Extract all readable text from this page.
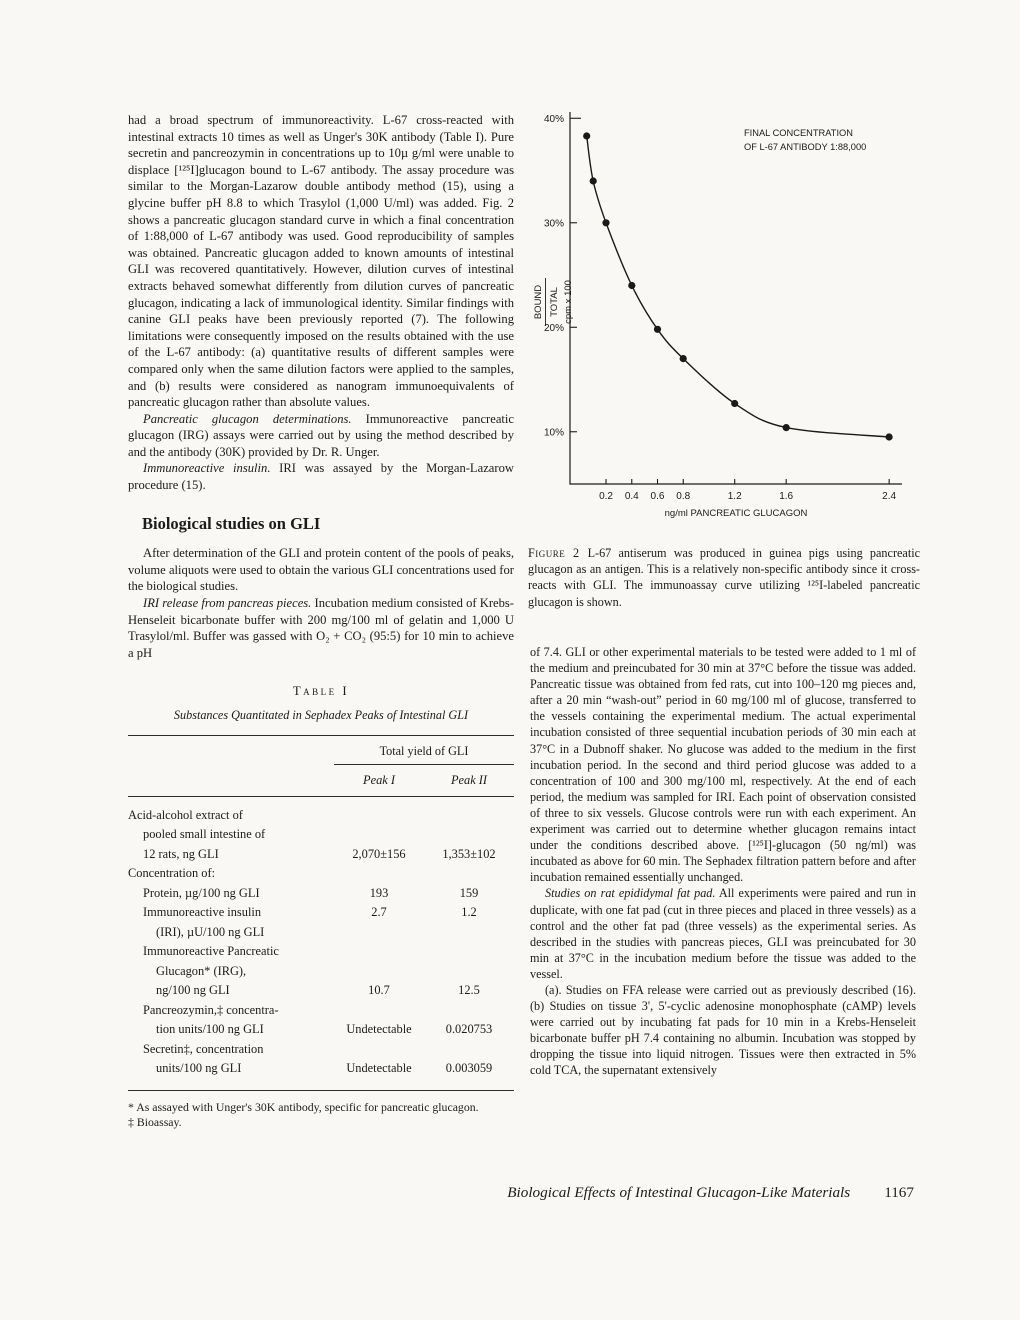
had a broad spectrum of immunoreactivity. L-67 cross-reacted with intestinal extracts 10 times as well as Unger's 30K antibody (Table I). Pure secretin and pancreozymin in concentrations up to 10µ g/ml were unable to displace [¹²⁵I]glucagon bound to L-67 antibody. The assay procedure was similar to the Morgan-Lazarow double antibody method (15), using a glycine buffer pH 8.8 to which Trasylol (1,000 U/ml) was added. Fig. 2 shows a pancreatic glucagon standard curve in which a final concentration of 1:88,000 of L-67 antibody was used. Good reproducibility of samples was obtained. Pancreatic glucagon added to known amounts of intestinal GLI was recovered quantitatively. However, dilution curves of intestinal extracts behaved somewhat differently from dilution curves of pancreatic glucagon, indicating a lack of immunological identity. Similar findings with canine GLI peaks have been previously reported (7). The following limitations were consequently imposed on the results obtained with the use of the L-67 antibody: (a) quantitative results of different samples were compared only when the same dilution factors were applied to the samples, and (b) results were considered as nanogram immunoequivalents of pancreatic glucagon rather than absolute values.

Pancreatic glucagon determinations. Immunoreactive pancreatic glucagon (IRG) assays were carried out by using the method described by and the antibody (30K) provided by Dr. R. Unger.

Immunoreactive insulin. IRI was assayed by the Morgan-Lazarow procedure (15).

Biological studies on GLI

After determination of the GLI and protein content of the pools of peaks, volume aliquots were used to obtain the various GLI concentrations used for the biological studies.

IRI release from pancreas pieces. Incubation medium consisted of Krebs-Henseleit bicarbonate buffer with 200 mg/100 ml of gelatin and 1,000 U Trasylol/ml. Buffer was gassed with O₂ + CO₂ (95:5) for 10 min to achieve a pH

Table I
Substances Quantitated in Sephadex Peaks of Intestinal GLI
Total yield of GLI
Peak I	Peak II
Acid-alcohol extract of
pooled small intestine of
12 rats, ng GLI	2,070±156	1,353±102
Concentration of:
Protein, µg/100 ng GLI	193	159
Immunoreactive insulin	2.7	1.2
(IRI), µU/100 ng GLI
Immunoreactive Pancreatic
Glucagon* (IRG),
ng/100 ng GLI	10.7	12.5
Pancreozymin,‡ concentra-
tion units/100 ng GLI	Undetectable	0.020753
Secretin‡, concentration
units/100 ng GLI	Undetectable	0.003059

* As assayed with Unger's 30K antibody, specific for pancreatic glucagon.

‡ Bioassay.

FINAL CONCENTRATION
OF L-67 ANTIBODY 1:88,000
BOUND TOTAL cpm x 100
ng/ml PANCREATIC GLUCAGON
10%
20%
30%
40%
0.2 0.4 0.6 0.8	1.2	1.6	2.4

Figure 2 L-67 antiserum was produced in guinea pigs using pancreatic glucagon as an antigen. This is a relatively non-specific antibody since it cross-reacts with GLI. The immunoassay curve utilizing ¹²⁵I-labeled pancreatic glucagon is shown.

of 7.4. GLI or other experimental materials to be tested were added to 1 ml of the medium and preincubated for 30 min at 37°C before the tissue was added. Pancreatic tissue was obtained from fed rats, cut into 100–120 mg pieces and, after a 20 min “wash-out” period in 60 mg/100 ml of glucose, transferred to the vessels containing the experimental medium. The actual experimental incubation consisted of three sequential incubation periods of 30 min each at 37°C in a Dubnoff shaker. No glucose was added to the medium in the first incubation period. In the second and third period glucose was added to a concentration of 100 and 300 mg/100 ml, respectively. At the end of each period, the medium was sampled for IRI. Each point of observation consisted of three to six vessels. Glucose controls were run with each experiment. An experiment was carried out to determine whether glucagon remains intact under the conditions described above. [¹²⁵I]-glucagon (50 ng/ml) was incubated as above for 60 min. The Sephadex filtration pattern before and after incubation remained essentially unchanged.

Studies on rat epididymal fat pad. All experiments were paired and run in duplicate, with one fat pad (cut in three pieces and placed in three vessels) as a control and the other fat pad (three vessels) as the experimental series. As described in the studies with pancreas pieces, GLI was preincubated for 30 min at 37°C in the incubation medium before the tissue was added to the vessel.

(a). Studies on FFA release were carried out as previously described (16). (b) Studies on tissue 3', 5'-cyclic adenosine monophosphate (cAMP) levels were carried out by incubating fat pads for 10 min in a Krebs-Henseleit bicarbonate buffer pH 7.4 containing no albumin. Incubation was stopped by dropping the tissue into liquid nitrogen. Tissues were then extracted in 5% cold TCA, the supernatant extensively

Biological Effects of Intestinal Glucagon-Like Materials 1167
